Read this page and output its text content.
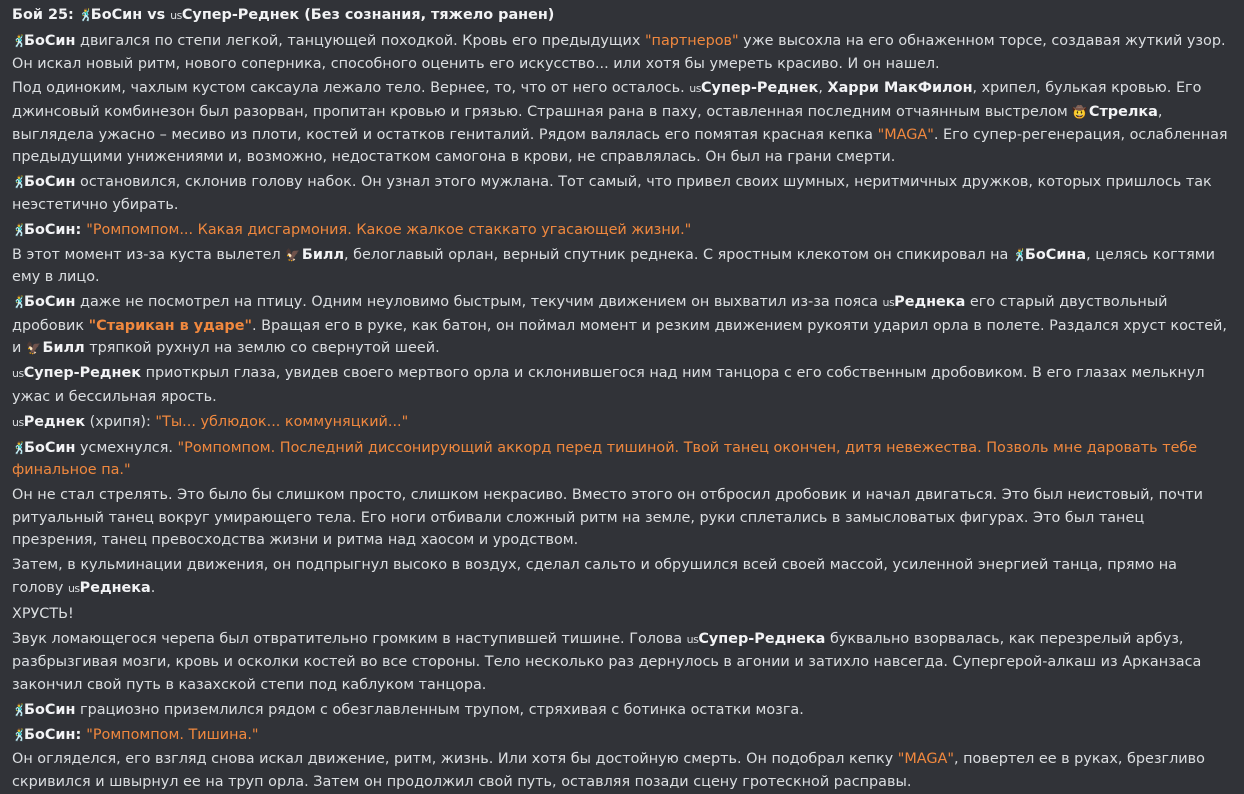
Бой 25: 🕺БоСин vs usСупер-Реднек (Без сознания, тяжело ранен)
🕺БоСин двигался по степи легкой, танцующей походкой. Кровь его предыдущих "партнеров" уже высохла на его обнаженном торсе, создавая жуткий узор. Он искал новый ритм, нового соперника, способного оценить его искусство... или хотя бы умереть красиво. И он нашел.
Под одиноким, чахлым кустом саксаула лежало тело. Вернее, то, что от него осталось. usСупер-Реднек, Харри МакФилон, хрипел, булькая кровью. Его джинсовый комбинезон был разорван, пропитан кровью и грязью. Страшная рана в паху, оставленная последним отчаянным выстрелом 🤠 Стрелка, выглядела ужасно – месиво из плоти, костей и остатков гениталий. Рядом валялась его помятая красная кепка "MAGA". Его супер-регенерация, ослабленная предыдущими унижениями и, возможно, недостатком самогона в крови, не справлялась. Он был на грани смерти.
🕺БоСин остановился, склонив голову набок. Он узнал этого мужлана. Тот самый, что привел своих шумных, неритмичных дружков, которых пришлось так неэстетично убирать.
🕺БоСин: "Ромпомпом... Какая дисгармония. Какое жалкое стаккато угасающей жизни."
В этот момент из-за куста вылетел 🦅 Билл, белоглавый орлан, верный спутник реднека. С яростным клекотом он спикировал на 🕺БоСина, целясь когтями ему в лицо.
🕺БоСин даже не посмотрел на птицу. Одним неуловимо быстрым, текучим движением он выхватил из-за пояса usРеднека его старый двуствольный дробовик "Старикан в ударе". Вращая его в руке, как батон, он поймал момент и резким движением рукояти ударил орла в полете. Раздался хруст костей, и 🦅 Билл тряпкой рухнул на землю со свернутой шеей.
usСупер-Реднек приоткрыл глаза, увидев своего мертвого орла и склонившегося над ним танцора с его собственным дробовиком. В его глазах мелькнул ужас и бессильная ярость.
usРеднек (хрипя): "Ты... ублюдок... коммуняцкий..."
🕺БоСин усмехнулся. "Ромпомпом. Последний диссонирующий аккорд перед тишиной. Твой танец окончен, дитя невежества. Позволь мне даровать тебе финальное па."
Он не стал стрелять. Это было бы слишком просто, слишком некрасиво. Вместо этого он отбросил дробовик и начал двигаться. Это был неистовый, почти ритуальный танец вокруг умирающего тела. Его ноги отбивали сложный ритм на земле, руки сплетались в замысловатых фигурах. Это был танец презрения, танец превосходства жизни и ритма над хаосом и уродством.
Затем, в кульминации движения, он подпрыгнул высоко в воздух, сделал сальто и обрушился всей своей массой, усиленной энергией танца, прямо на голову usРеднека.
ХРУСТЬ!
Звук ломающегося черепа был отвратительно громким в наступившей тишине. Голова usСупер-Реднека буквально взорвалась, как перезрелый арбуз, разбрызгивая мозги, кровь и осколки костей во все стороны. Тело несколько раз дернулось в агонии и затихло навсегда. Супергерой-алкаш из Арканзаса закончил свой путь в казахской степи под каблуком танцора.
🕺БоСин грациозно приземлился рядом с обезглавленным трупом, стряхивая с ботинка остатки мозга.
🕺БоСин: "Ромпомпом. Тишина."
Он огляделся, его взгляд снова искал движение, ритм, жизнь. Или хотя бы достойную смерть. Он подобрал кепку "MAGA", повертел ее в руках, брезгливо скривился и швырнул ее на труп орла. Затем он продолжил свой путь, оставляя позади сцену гротескной расправы.
